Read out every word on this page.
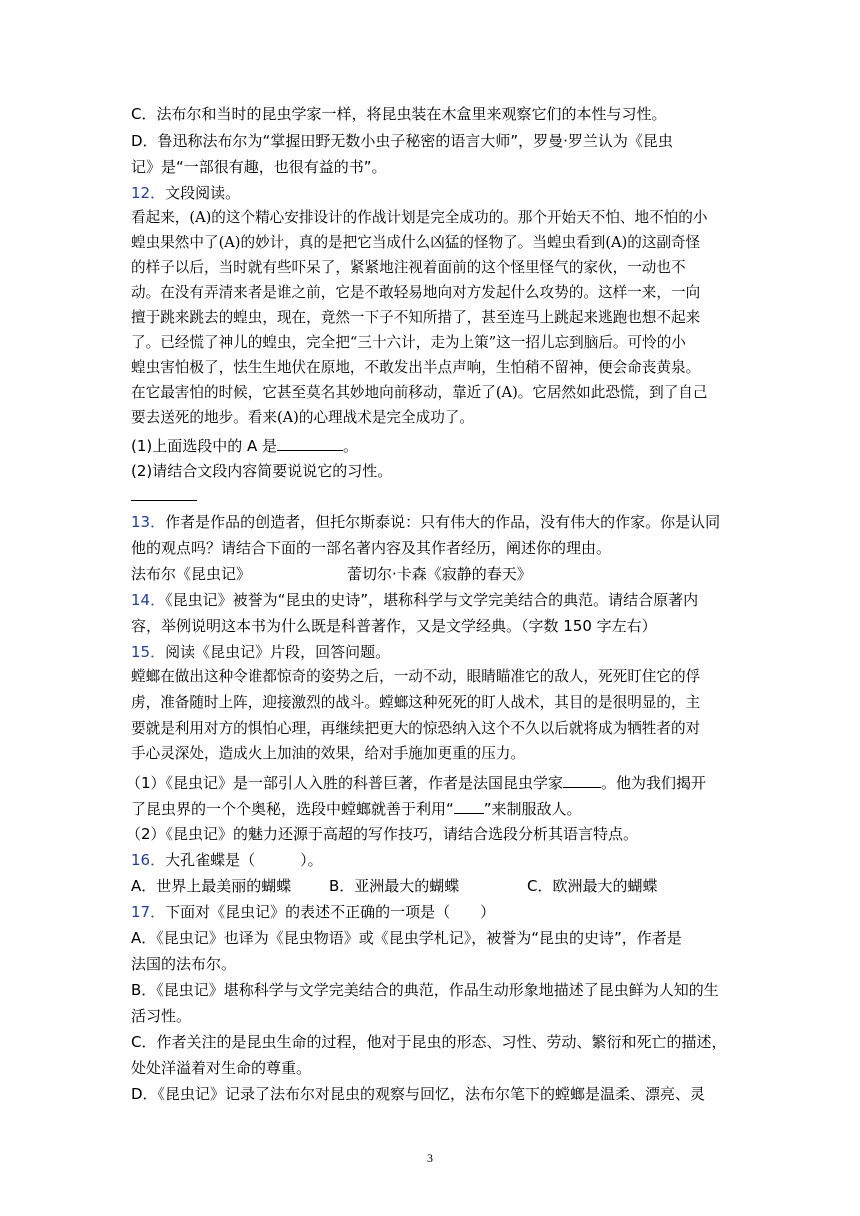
C．法布尔和当时的昆虫学家一样，将昆虫装在木盒里来观察它们的本性与习性。
D．鲁迅称法布尔为“掌握田野无数小虫子秘密的语言大师”，罗曼·罗兰认为《昆虫
记》是“一部很有趣，也很有益的书”。
12．文段阅读。
看起来，(A)的这个精心安排设计的作战计划是完全成功的。那个开始天不怕、地不怕的小
蝗虫果然中了(A)的妙计，真的是把它当成什么凶猛的怪物了。当蝗虫看到(A)的这副奇怪
的样子以后，当时就有些吓呆了，紧紧地注视着面前的这个怪里怪气的家伙，一动也不
动。在没有弄清来者是谁之前，它是不敢轻易地向对方发起什么攻势的。这样一来，一向
擅于跳来跳去的蝗虫，现在，竟然一下子不知所措了，甚至连马上跳起来逃跑也想不起来
了。已经慌了神儿的蝗虫，完全把“三十六计，走为上策”这一招儿忘到脑后。可怜的小
蝗虫害怕极了，怯生生地伏在原地，不敢发出半点声响，生怕稍不留神，便会命丧黄泉。
在它最害怕的时候，它甚至莫名其妙地向前移动，靠近了(A)。它居然如此恐慌，到了自己
要去送死的地步。看来(A)的心理战术是完全成功了。
(1)上面选段中的 A 是	。
(2)请结合文段内容简要说说它的习性。
13．作者是作品的创造者，但托尔斯泰说：只有伟大的作品，没有伟大的作家。你是认同
他的观点吗？请结合下面的一部名著内容及其作者经历，阐述你的理由。
法布尔《昆虫记》	蕾切尔·卡森《寂静的春天》
14．《昆虫记》被誉为“昆虫的史诗”，堪称科学与文学完美结合的典范。请结合原著内
容，举例说明这本书为什么既是科普著作，又是文学经典。（字数 150 字左右）
15．阅读《昆虫记》片段，回答问题。
螳螂在做出这种令谁都惊奇的姿势之后，一动不动，眼睛瞄准它的敌人，死死盯住它的俘
虏，准备随时上阵，迎接激烈的战斗。螳螂这种死死的盯人战术，其目的是很明显的，主
要就是利用对方的惧怕心理，再继续把更大的惊恐纳入这个不久以后就将成为牺牲者的对
手心灵深处，造成火上加油的效果，给对手施加更重的压力。
（1）《昆虫记》是一部引人入胜的科普巨著，作者是法国昆虫学家	。他为我们揭开
了昆虫界的一个个奥秘，选段中螳螂就善于利用“ ”来制服敌人。
（2）《昆虫记》的魅力还源于高超的写作技巧，请结合选段分析其语言特点。
16．大孔雀蝶是（　　　）。
A．世界上最美丽的蝴蝶	B．亚洲最大的蝴蝶	C．欧洲最大的蝴蝶
17．下面对《昆虫记》的表述不正确的一项是（　　）
A．《昆虫记》也译为《昆虫物语》或《昆虫学札记》，被誉为“昆虫的史诗”，作者是
法国的法布尔。
B．《昆虫记》堪称科学与文学完美结合的典范，作品生动形象地描述了昆虫鲜为人知的生
活习性。
C．作者关注的是昆虫生命的过程，他对于昆虫的形态、习性、劳动、繁衍和死亡的描述，
处处洋溢着对生命的尊重。
D．《昆虫记》记录了法布尔对昆虫的观察与回忆，法布尔笔下的螳螂是温柔、漂亮、灵
3
